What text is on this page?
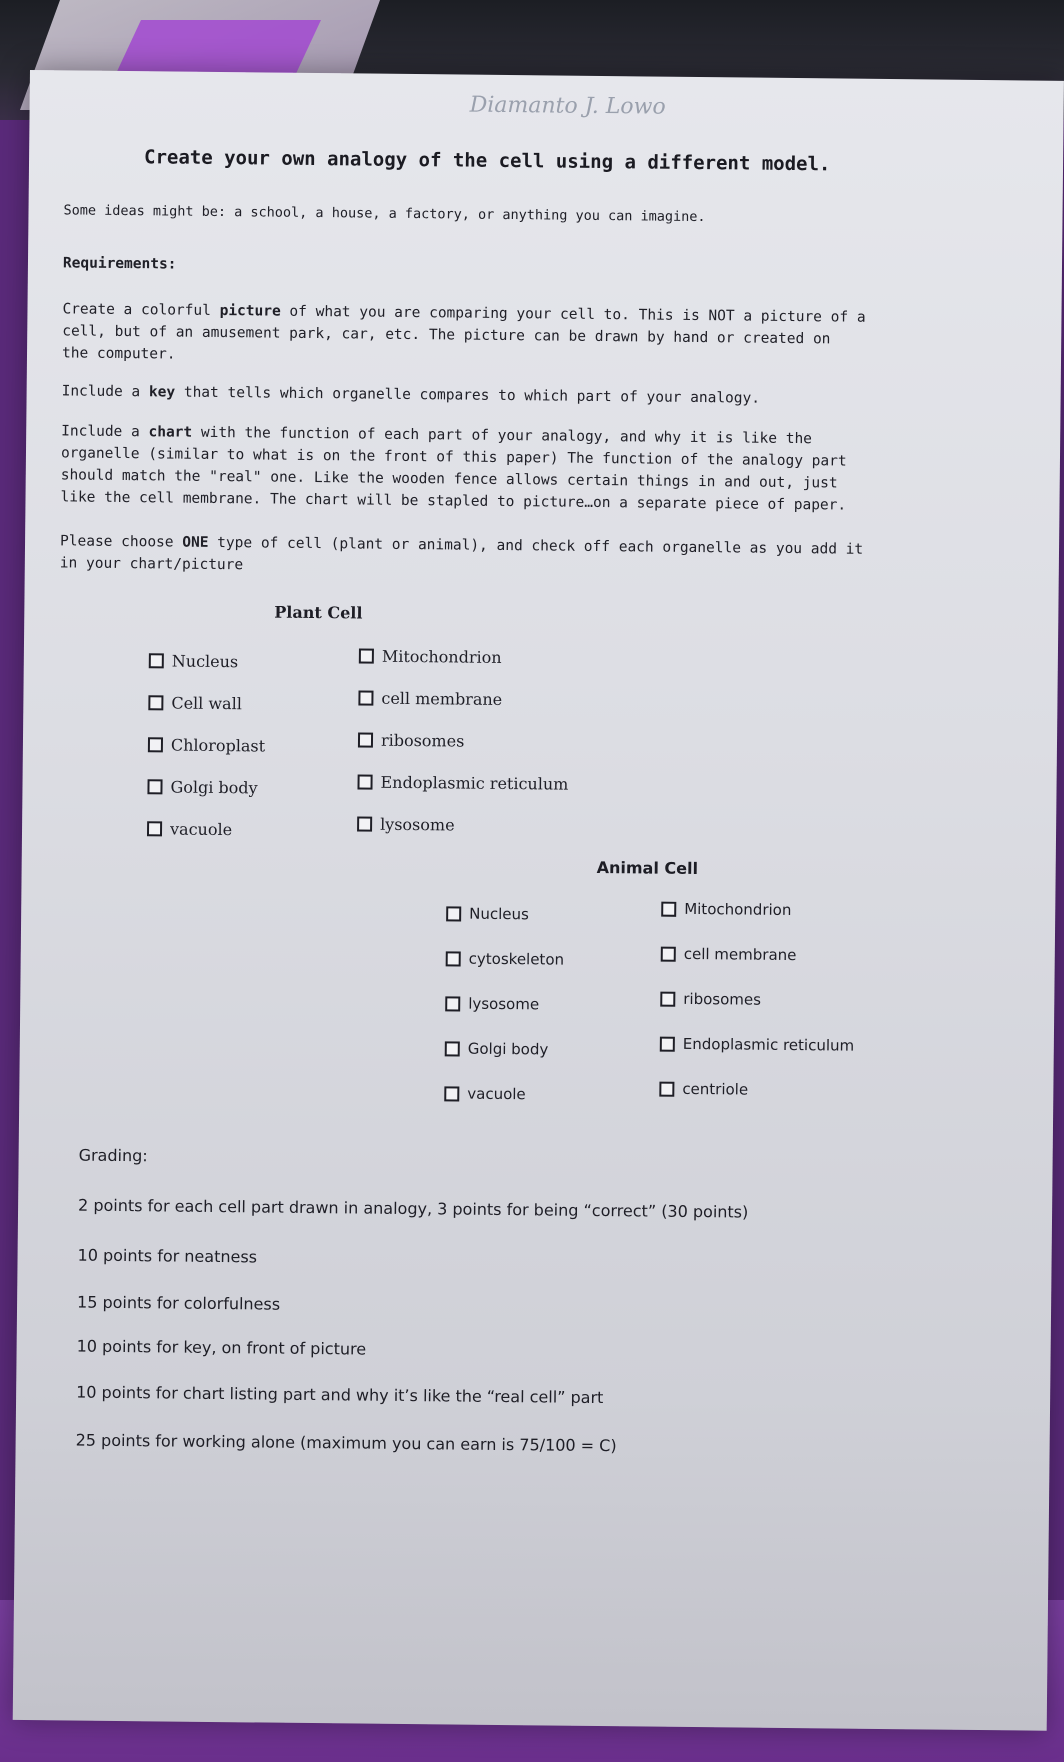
Diamanto J. Lowo
Create your own analogy of the cell using a different model.
Some ideas might be: a school, a house, a factory, or anything you can imagine.
Requirements:
Create a colorful picture of what you are comparing your cell to. This is NOT a picture of a
cell, but of an amusement park, car, etc. The picture can be drawn by hand or created on
the computer.
Include a key that tells which organelle compares to which part of your analogy.
Include a chart with the function of each part of your analogy, and why it is like the
organelle (similar to what is on the front of this paper) The function of the analogy part
should match the "real" one. Like the wooden fence allows certain things in and out, just
like the cell membrane. The chart will be stapled to picture…on a separate piece of paper.
Please choose ONE type of cell (plant or animal), and check off each organelle as you add it
in your chart/picture
Plant Cell
Nucleus
Cell wall
Chloroplast
Golgi body
vacuole
Mitochondrion
cell membrane
ribosomes
Endoplasmic reticulum
lysosome
Animal Cell
Nucleus
cytoskeleton
lysosome
Golgi body
vacuole
Mitochondrion
cell membrane
ribosomes
Endoplasmic reticulum
centriole
Grading:
2 points for each cell part drawn in analogy, 3 points for being “correct” (30 points)
10 points for neatness
15 points for colorfulness
10 points for key, on front of picture
10 points for chart listing part and why it’s like the “real cell” part
25 points for working alone (maximum you can earn is 75/100 = C)
